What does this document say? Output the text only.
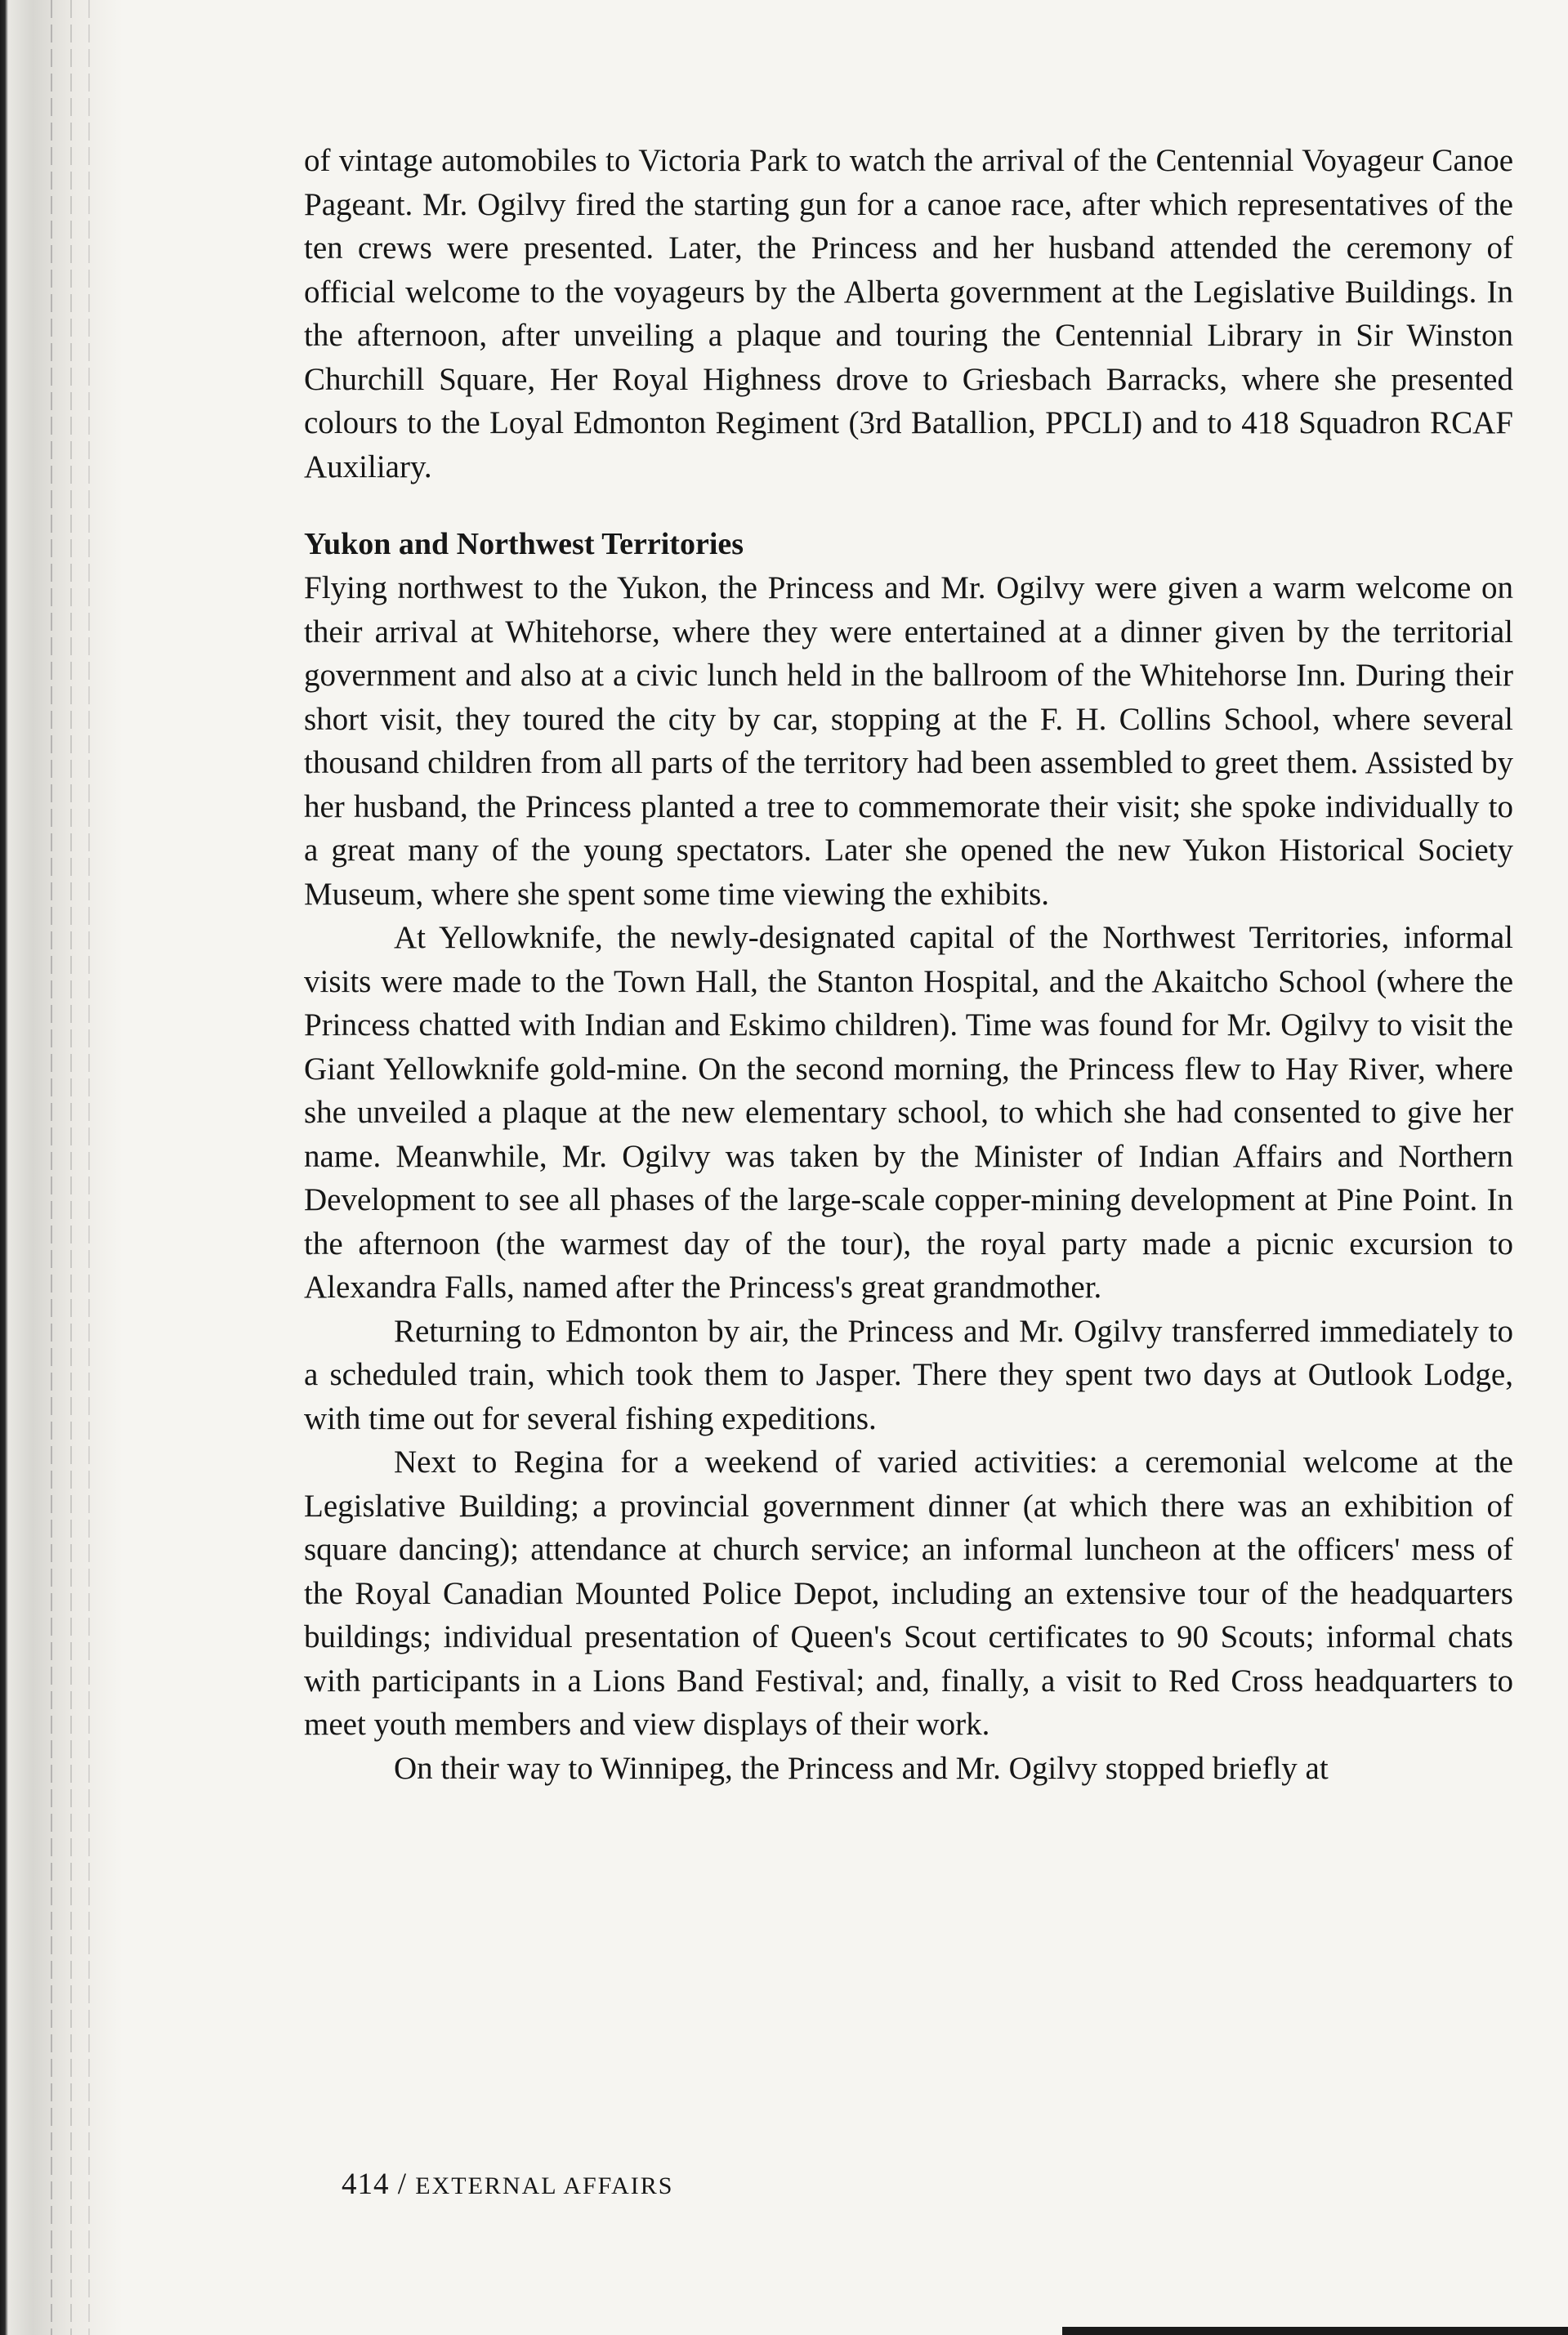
of vintage automobiles to Victoria Park to watch the arrival of the Centennial Voyageur Canoe Pageant. Mr. Ogilvy fired the starting gun for a canoe race, after which representatives of the ten crews were presented. Later, the Princess and her husband attended the ceremony of official welcome to the voyageurs by the Alberta government at the Legislative Buildings. In the afternoon, after unveiling a plaque and touring the Centennial Library in Sir Winston Churchill Square, Her Royal Highness drove to Griesbach Barracks, where she presented colours to the Loyal Edmonton Regiment (3rd Batallion, PPCLI) and to 418 Squadron RCAF Auxiliary.

Yukon and Northwest Territories

Flying northwest to the Yukon, the Princess and Mr. Ogilvy were given a warm welcome on their arrival at Whitehorse, where they were entertained at a dinner given by the territorial government and also at a civic lunch held in the ballroom of the Whitehorse Inn. During their short visit, they toured the city by car, stopping at the F. H. Collins School, where several thousand children from all parts of the territory had been assembled to greet them. Assisted by her husband, the Princess planted a tree to commemorate their visit; she spoke individually to a great many of the young spectators. Later she opened the new Yukon Historical Society Museum, where she spent some time viewing the exhibits.

At Yellowknife, the newly-designated capital of the Northwest Territories, informal visits were made to the Town Hall, the Stanton Hospital, and the Akaitcho School (where the Princess chatted with Indian and Eskimo children). Time was found for Mr. Ogilvy to visit the Giant Yellowknife gold-mine. On the second morning, the Princess flew to Hay River, where she unveiled a plaque at the new elementary school, to which she had consented to give her name. Meanwhile, Mr. Ogilvy was taken by the Minister of Indian Affairs and Northern Development to see all phases of the large-scale copper-mining development at Pine Point. In the afternoon (the warmest day of the tour), the royal party made a picnic excursion to Alexandra Falls, named after the Princess's great grandmother.

Returning to Edmonton by air, the Princess and Mr. Ogilvy transferred immediately to a scheduled train, which took them to Jasper. There they spent two days at Outlook Lodge, with time out for several fishing expeditions.

Next to Regina for a weekend of varied activities: a ceremonial welcome at the Legislative Building; a provincial government dinner (at which there was an exhibition of square dancing); attendance at church service; an informal luncheon at the officers' mess of the Royal Canadian Mounted Police Depot, including an extensive tour of the headquarters buildings; individual presentation of Queen's Scout certificates to 90 Scouts; informal chats with participants in a Lions Band Festival; and, finally, a visit to Red Cross headquarters to meet youth members and view displays of their work.

On their way to Winnipeg, the Princess and Mr. Ogilvy stopped briefly at

414 / EXTERNAL AFFAIRS
